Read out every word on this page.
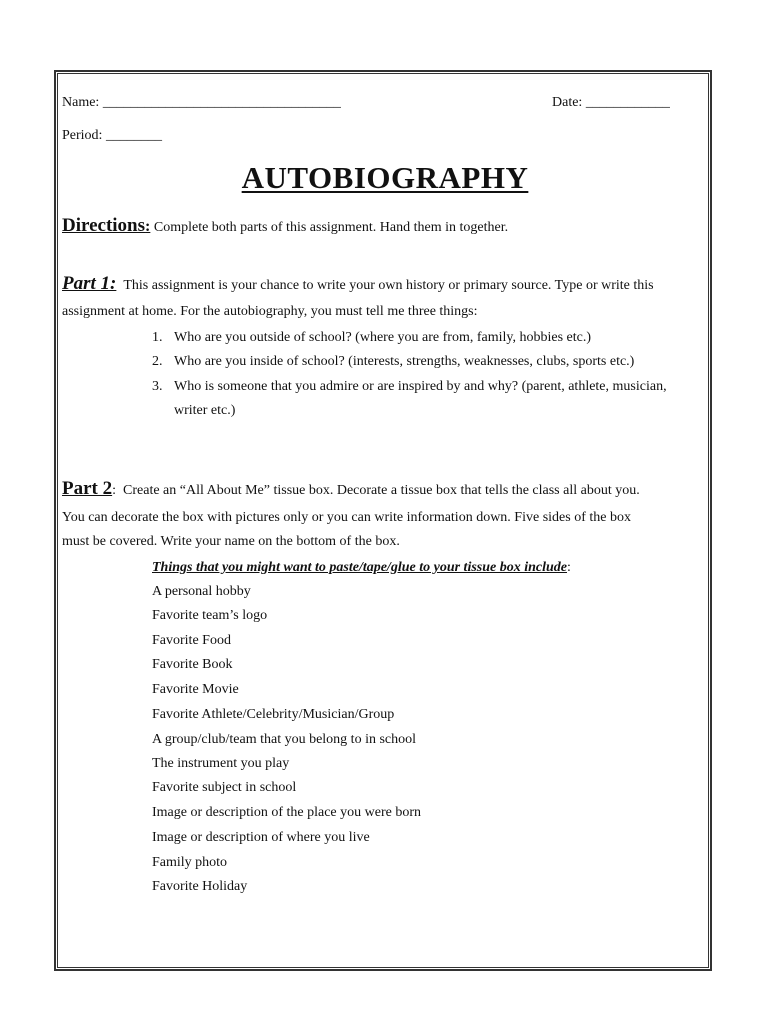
Name: __________________________________	Date: ____________
Period: ________
AUTOBIOGRAPHY
Directions: Complete both parts of this assignment. Hand them in together.
Part 1: This assignment is your chance to write your own history or primary source. Type or write this
assignment at home. For the autobiography, you must tell me three things:
1. Who are you outside of school? (where you are from, family, hobbies etc.)
2. Who are you inside of school? (interests, strengths, weaknesses, clubs, sports etc.)
3. Who is someone that you admire or are inspired by and why? (parent, athlete, musician,
writer etc.)
Part 2: Create an “All About Me” tissue box. Decorate a tissue box that tells the class all about you.
You can decorate the box with pictures only or you can write information down. Five sides of the box
must be covered. Write your name on the bottom of the box.
Things that you might want to paste/tape/glue to your tissue box include:
A personal hobby
Favorite team’s logo
Favorite Food
Favorite Book
Favorite Movie
Favorite Athlete/Celebrity/Musician/Group
A group/club/team that you belong to in school
The instrument you play
Favorite subject in school
Image or description of the place you were born
Image or description of where you live
Family photo
Favorite Holiday
